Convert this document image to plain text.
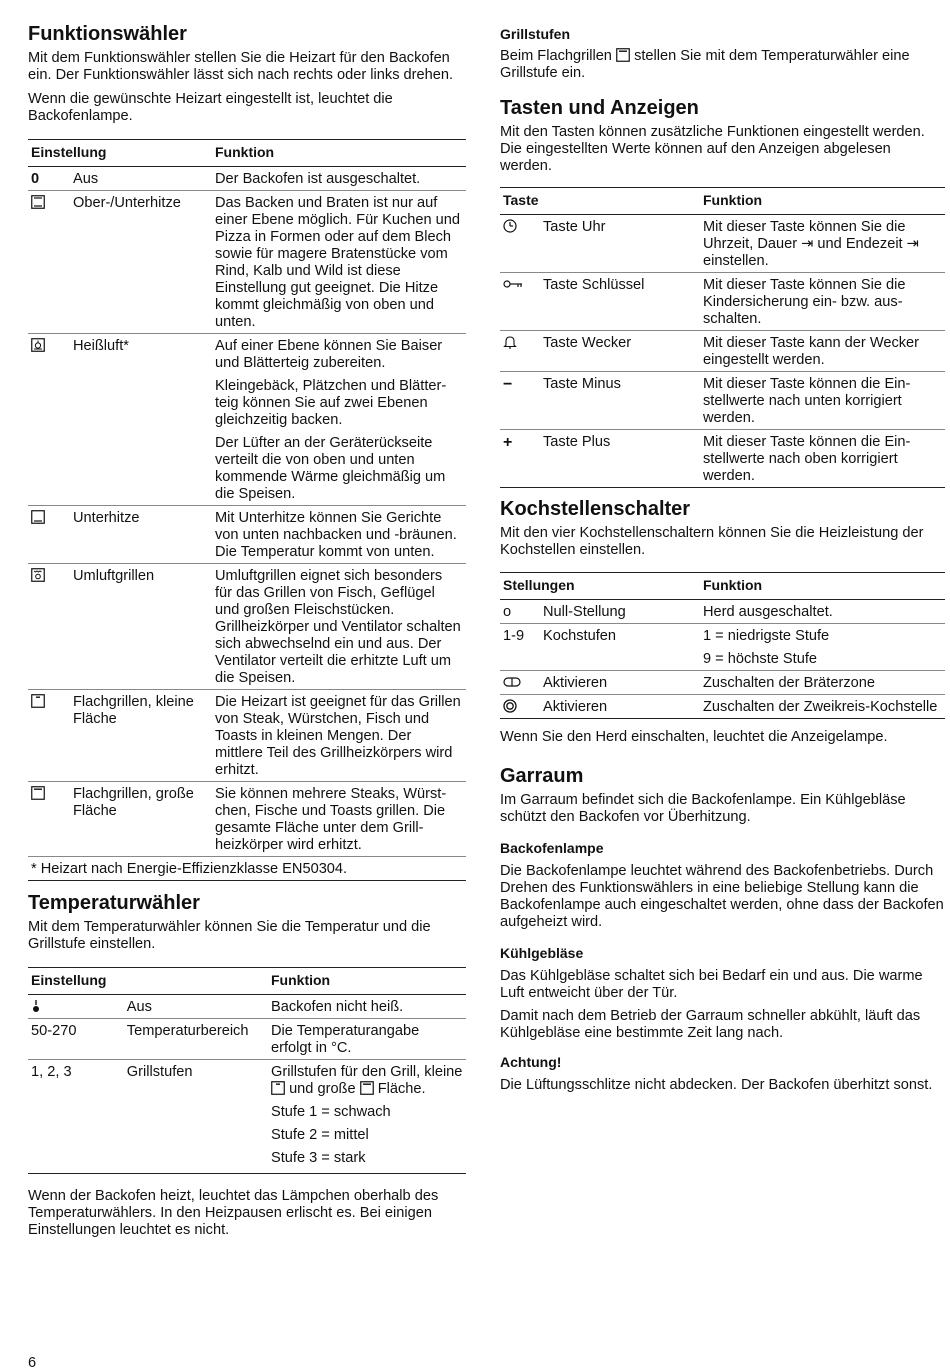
Funktionswähler

Mit dem Funktionswähler stellen Sie die Heizart für den Backofen ein. Der Funktionswähler lässt sich nach rechts oder links drehen.

Wenn die gewünschte Heizart eingestellt ist, leuchtet die Backofenlampe.

Einstellung		Funktion
0	Aus	Der Backofen ist ausgeschaltet.
	Ober-/Unterhitze	Das Backen und Braten ist nur auf einer Ebene möglich. Für Kuchen und Pizza in Formen oder auf dem Blech sowie für magere Bratenstücke vom Rind, Kalb und Wild ist diese Einstellung gut geeignet. Die Hitze kommt gleichmäßig von oben und unten.
	Heißluft*	Auf einer Ebene können Sie Baiser und Blätterteig zubereiten.

Kleingebäck, Plätzchen und Blätterteig können Sie auf zwei Ebenen gleichzeitig backen.

Der Lüfter an der Geräterückseite verteilt die von oben und unten kommende Wärme gleichmäßig um die Speisen.

	Unterhitze	Mit Unterhitze können Sie Gerichte von unten nachbacken und -bräunen. Die Temperatur kommt von unten.
	Umluftgrillen	Umluftgrillen eignet sich besonders für das Grillen von Fisch, Geflügel und großen Fleischstücken. Grillheizkörper und Ventilator schalten sich abwechselnd ein und aus. Der Ventilator verteilt die erhitzte Luft um die Speisen.
	Flachgrillen, kleine Fläche	Die Heizart ist geeignet für das Grillen von Steak, Würstchen, Fisch und Toasts in kleinen Mengen. Der mittlere Teil des Grillheizkörpers wird erhitzt.
	Flachgrillen, große Fläche	Sie können mehrere Steaks, Würstchen, Fische und Toasts grillen. Die gesamte Fläche unter dem Grillheizkörper wird erhitzt.
* Heizart nach Energie-Effizienzklasse EN50304.		
Temperaturwähler

Mit dem Temperaturwähler können Sie die Temperatur und die Grillstufe einstellen.

Einstellung		Funktion
	Aus	Backofen nicht heiß.
50-270	Temperaturbereich	Die Temperaturangabe erfolgt in °C.
1, 2, 3	Grillstufen	Grillstufen für den Grill, kleine  und große Fläche.

Stufe 1 = schwach

Stufe 2 = mittel

Stufe 3 = stark

Wenn der Backofen heizt, leuchtet das Lämpchen oberhalb des Temperaturwählers. In den Heizpausen erlischt es. Bei einigen Einstellungen leuchtet es nicht.

Grillstufen

Beim Flachgrillen stellen Sie mit dem Temperaturwähler eine Grillstufe ein.

Tasten und Anzeigen

Mit den Tasten können zusätzliche Funktionen eingestellt werden. Die eingestellten Werte können auf den Anzeigen abgelesen werden.

Taste		Funktion
	Taste Uhr	Mit dieser Taste können Sie die Uhrzeit, Dauer ⇥ und Endezeit ⇥ einstellen.
	Taste Schlüssel	Mit dieser Taste können Sie die Kindersicherung ein- bzw. ausschalten.
	Taste Wecker	Mit dieser Taste kann der Wecker eingestellt werden.
−	Taste Minus	Mit dieser Taste können die Einstellwerte nach unten korrigiert werden.
+	Taste Plus	Mit dieser Taste können die Einstellwerte nach oben korrigiert werden.
Kochstellenschalter

Mit den vier Kochstellenschaltern können Sie die Heizleistung der Kochstellen einstellen.

Stellungen		Funktion
o	Null-Stellung	Herd ausgeschaltet.
1-9	Kochstufen	1 = niedrigste Stufe

9 = höchste Stufe

	Aktivieren	Zuschalten der Bräterzone
	Aktivieren	Zuschalten der Zweikreis-Kochstelle

Wenn Sie den Herd einschalten, leuchtet die Anzeigelampe.

Garraum

Im Garraum befindet sich die Backofenlampe. Ein Kühlgebläse schützt den Backofen vor Überhitzung.

Backofenlampe

Die Backofenlampe leuchtet während des Backofenbetriebs. Durch Drehen des Funktionswählers in eine beliebige Stellung kann die Backofenlampe auch eingeschaltet werden, ohne dass der Backofen aufgeheizt wird.

Kühlgebläse

Das Kühlgebläse schaltet sich bei Bedarf ein und aus. Die warme Luft entweicht über der Tür.

Damit nach dem Betrieb der Garraum schneller abkühlt, läuft das Kühlgebläse eine bestimmte Zeit lang nach.

Achtung!

Die Lüftungsschlitze nicht abdecken. Der Backofen überhitzt sonst.

6
